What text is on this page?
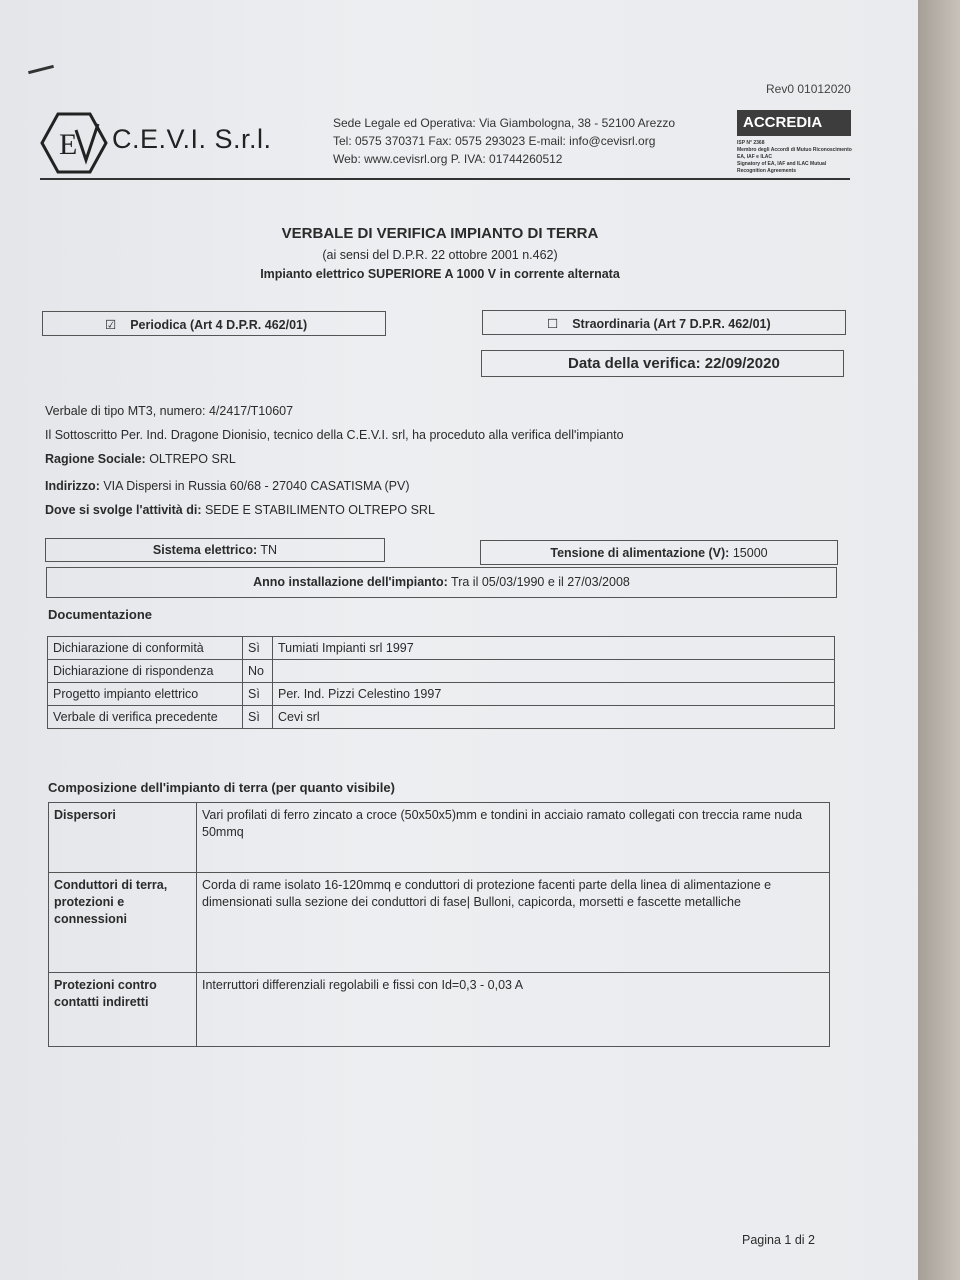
Rev0 01012020
E C.E.V.I. S.r.l.
Sede Legale ed Operativa: Via Giambologna, 38 - 52100 Arezzo
Tel: 0575 370371 Fax: 0575 293023 E-mail: info@cevisrl.org
Web: www.cevisrl.org P. IVA: 01744260512
ACCREDIA
ISP N° 2368
Membro degli Accordi di Mutuo Riconoscimento EA, IAF e ILAC
Signatory of EA, IAF and ILAC Mutual Recognition Agreements
VERBALE DI VERIFICA IMPIANTO DI TERRA
(ai sensi del D.P.R. 22 ottobre 2001 n.462)
Impianto elettrico SUPERIORE A 1000 V in corrente alternata
☑ Periodica (Art 4 D.P.R. 462/01)	☐ Straordinaria (Art 7 D.P.R. 462/01)
Data della verifica: 22/09/2020
Verbale di tipo MT3, numero: 4/2417/T10607
Il Sottoscritto Per. Ind. Dragone Dionisio, tecnico della C.E.V.I. srl, ha proceduto alla verifica dell'impianto
Ragione Sociale: OLTREPO SRL
Indirizzo: VIA Dispersi in Russia 60/68 - 27040 CASATISMA (PV)
Dove si svolge l'attività di: SEDE E STABILIMENTO OLTREPO SRL
Sistema elettrico: TN	Tensione di alimentazione (V): 15000
Anno installazione dell'impianto: Tra il 05/03/1990 e il 27/03/2008
Documentazione
Dichiarazione di conformità	Sì	Tumiati Impianti srl 1997
Dichiarazione di rispondenza	No	
Progetto impianto elettrico	Sì	Per. Ind. Pizzi Celestino 1997
Verbale di verifica precedente	Sì	Cevi srl
Composizione dell'impianto di terra (per quanto visibile)
Dispersori	Vari profilati di ferro zincato a croce (50x50x5)mm e tondini in acciaio ramato collegati con treccia rame nuda 50mmq
Conduttori di terra, protezioni e connessioni	Corda di rame isolato 16-120mmq e conduttori di protezione facenti parte della linea di alimentazione e dimensionati sulla sezione dei conduttori di fase| Bulloni, capicorda, morsetti e fascette metalliche
Protezioni contro contatti indiretti	Interruttori differenziali regolabili e fissi con Id=0,3 - 0,03 A
Pagina 1 di 2
